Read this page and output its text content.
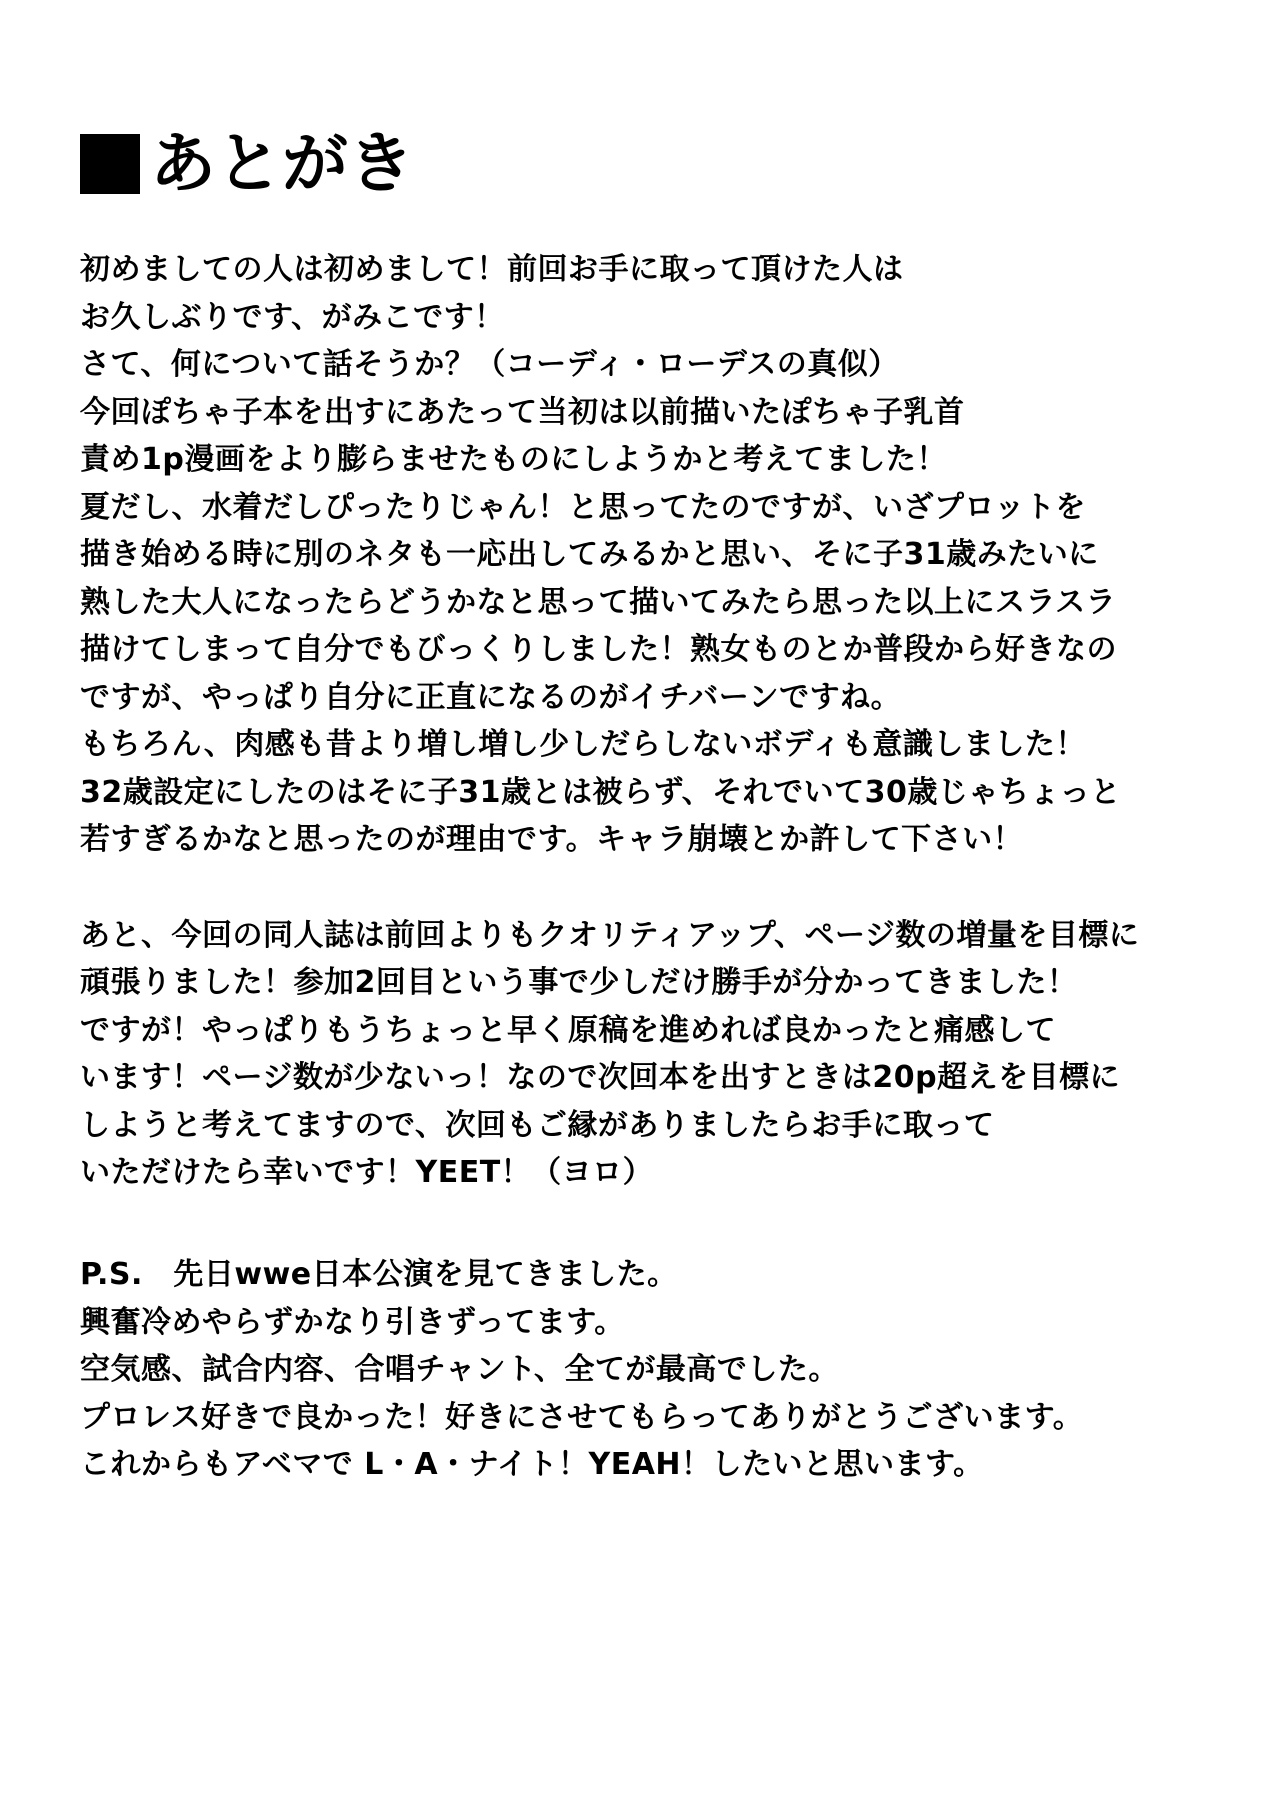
あとがき
初めましての人は初めまして！前回お手に取って頂けた人は
お久しぶりです、がみこです！
さて、何について話そうか？（コーディ・ローデスの真似）
今回ぽちゃ子本を出すにあたって当初は以前描いたぽちゃ子乳首
責め1p漫画をより膨らませたものにしようかと考えてました！
夏だし、水着だしぴったりじゃん！と思ってたのですが、いざプロットを
描き始める時に別のネタも一応出してみるかと思い、そに子31歳みたいに
熟した大人になったらどうかなと思って描いてみたら思った以上にスラスラ
描けてしまって自分でもびっくりしました！熟女ものとか普段から好きなの
ですが、やっぱり自分に正直になるのがイチバーンですね。
もちろん、肉感も昔より増し増し少しだらしないボディも意識しました！
32歳設定にしたのはそに子31歳とは被らず、それでいて30歳じゃちょっと
若すぎるかなと思ったのが理由です。キャラ崩壊とか許して下さい！
あと、今回の同人誌は前回よりもクオリティアップ、ページ数の増量を目標に
頑張りました！参加2回目という事で少しだけ勝手が分かってきました！
ですが！やっぱりもうちょっと早く原稿を進めれば良かったと痛感して
います！ページ数が少ないっ！なので次回本を出すときは20p超えを目標に
しようと考えてますので、次回もご縁がありましたらお手に取って
いただけたら幸いです！YEET！（ヨロ）
P.S.　先日wwe日本公演を見てきました。
興奮冷めやらずかなり引きずってます。
空気感、試合内容、合唱チャント、全てが最高でした。
プロレス好きで良かった！好きにさせてもらってありがとうございます。
これからもアベマで L・A・ナイト！YEAH！したいと思います。
